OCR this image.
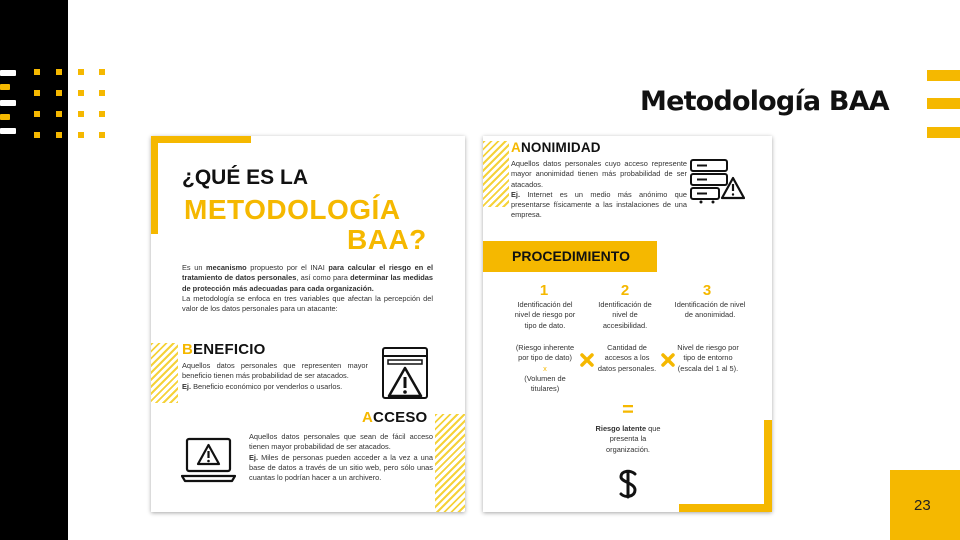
Metodología BAA
23
¿QUÉ ES LA
METODOLOGÍA
BAA?
Es un mecanismo propuesto por el INAI para calcular el riesgo en el tratamiento de datos personales, así como para determinar las medidas de protección más adecuadas para cada organización.
La metodología se enfoca en tres variables que afectan la percepción del valor de los datos personales para un atacante:
BENEFICIO
Aquellos datos personales que representen mayor beneficio tienen más probabilidad de ser atacados.
Ej. Beneficio económico por venderlos o usarlos.
ACCESO
Aquellos datos personales que sean de fácil acceso tienen mayor probabilidad de ser atacados.
Ej. Miles de personas pueden acceder a la vez a una base de datos a través de un sitio web, pero sólo unas cuantas lo podrían hacer a un archivero.
ANONIMIDAD
Aquellos datos personales cuyo acceso represente mayor anonimidad tienen más probabilidad de ser atacados.
Ej. Internet es un medio más anónimo que presentarse físicamente a las instalaciones de una empresa.
PROCEDIMIENTO
1	2	3
Identificación del nivel de riesgo por tipo de dato.
Identificación de nivel de accesibilidad.
Identificación de nivel de anonimidad.
(Riesgo inherente por tipo de dato)
x
(Volumen de titulares)
Cantidad de accesos a los datos personales.
Nivel de riesgo por tipo de entorno (escala del 1 al 5).
=
Riesgo latente que presenta la organización.
